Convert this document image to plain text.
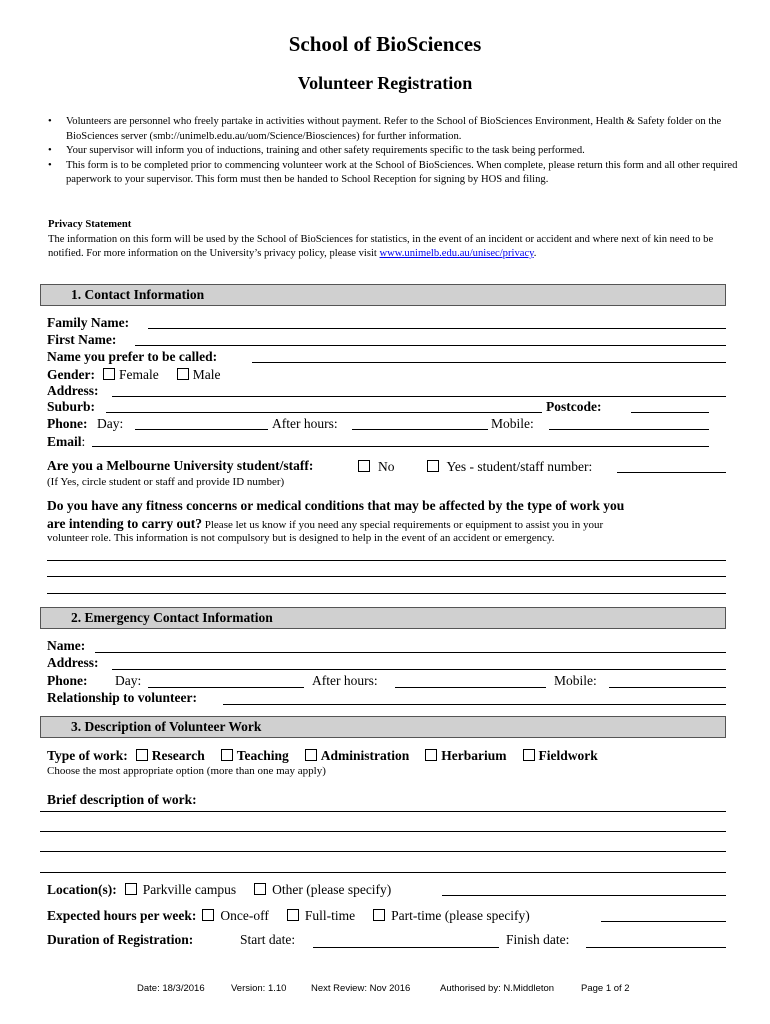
School of BioSciences
Volunteer Registration
• Volunteers are personnel who freely partake in activities without payment. Refer to the School of BioSciences Environment, Health & Safety folder on the BioSciences server (smb://unimelb.edu.au/uom/Science/Biosciences) for further information.
• Your supervisor will inform you of inductions, training and other safety requirements specific to the task being performed.
• This form is to be completed prior to commencing volunteer work at the School of BioSciences. When complete, please return this form and all other required paperwork to your supervisor. This form must then be handed to School Reception for signing by HOS and filing.
Privacy Statement
The information on this form will be used by the School of BioSciences for statistics, in the event of an incident or accident and where next of kin need to be notified. For more information on the University’s privacy policy, please visit www.unimelb.edu.au/unisec/privacy.
1. Contact Information
Family Name:
First Name:
Name you prefer to be called:
Gender: Female	Male
Address:
Suburb:	Postcode:
Phone: Day:	After hours:	Mobile:
Email:
Are you a Melbourne University student/staff:	No	Yes - student/staff number:
(If Yes, circle student or staff and provide ID number)
Do you have any fitness concerns or medical conditions that may be affected by the type of work you
are intending to carry out? Please let us know if you need any special requirements or equipment to assist you in your
volunteer role. This information is not compulsory but is designed to help in the event of an accident or emergency.
2. Emergency Contact Information
Name:
Address:
Phone: Day:	After hours:	Mobile:
Relationship to volunteer:
3. Description of Volunteer Work
Type of work: Research Teaching Administration Herbarium Fieldwork
Choose the most appropriate option (more than one may apply)
Brief description of work:
Location(s): Parkville campus	Other (please specify)
Expected hours per week: Once-off	Full-time	Part-time (please specify)
Duration of Registration:	Start date:	Finish date:
Date: 18/3/2016	Version: 1.10	Next Review: Nov 2016	Authorised by: N.Middleton	Page 1 of 2
